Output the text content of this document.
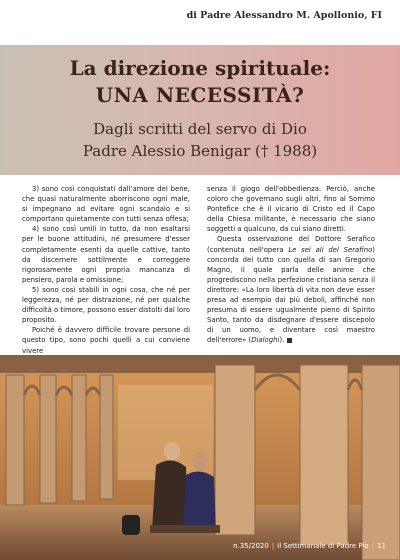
di Padre Alessandro M. Apollonio, FI
La direzione spirituale:
UNA NECESSITÀ?
Dagli scritti del servo di Dio
Padre Alessio Benigar († 1988)

3) sono così conquistati dall'amore del bene, che quasi naturalmente aborriscono ogni male, si impegnano ad evitare ogni scandalo e si comportano quietamente con tutti senza offesa;

4) sono così umili in tutto, da non esaltarsi per le buone attitudini, né presumere d'esser completamente esenti da quelle cattive, tanto da discernere sottilmente e correggere rigorosamente ogni propria mancanza di pensiero, parola e omissione;

5) sono così stabili in ogni cosa, che né per leggerezza, né per distrazione, né per qualche difficoltà o timore, possono esser distolti dal loro proposito.

Poiché è davvero difficile trovare persone di questo tipo, sono pochi quelli a cui conviene vivere

senza il giogo dell'obbedienza. Perciò, anche coloro che governano sugli altri, fino al Sommo Pontefice che è il vicario di Cristo ed il Capo della Chiesa militante, è necessario che siano soggetti a qualcuno, da cui siano diretti.

Questa osservazione del Dottore Serafico (contenuta nell'opera Le sei ali del Serafino) concorda del tutto con quella di san Gregorio Magno, il quale parla delle anime che progrediscono nella perfezione cristiana senza il direttore: «La loro libertà di vita non deve esser presa ad esempio dai più deboli, affinché non presuma di essere ugualmente pieno di Spirito Santo, tanto da disdegnare d'essere discepolo di un uomo, e diventare così maestro dell'errore» (Dialoghi).

n.35/2020 | Il Settimanale di Padre Pio | 11
